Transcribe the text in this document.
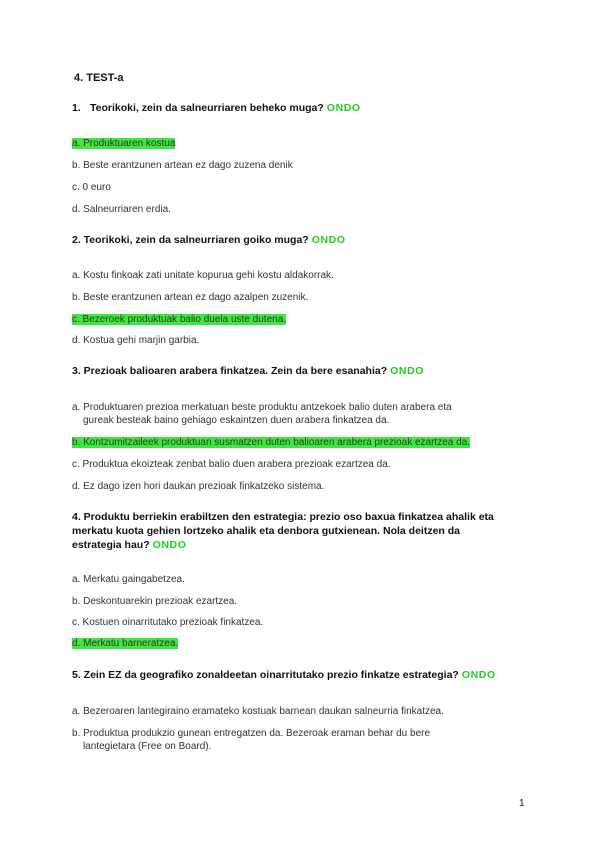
4. TEST-a
1. Teorikoki, zein da salneurriaren beheko muga? ONDO
a. Produktuaren kostua
b. Beste erantzunen artean ez dago zuzena denik
c. 0 euro
d. Salneurriaren erdia.
2. Teorikoki, zein da salneurriaren goiko muga? ONDO
a. Kostu finkoak zati unitate kopurua gehi kostu aldakorrak.
b. Beste erantzunen artean ez dago azalpen zuzenik.
c. Bezeroek produktuak balio duela uste dutena.
d. Kostua gehi marjin garbia.
3. Prezioak balioaren arabera finkatzea. Zein da bere esanahia? ONDO
a. Produktuaren prezioa merkatuan beste produktu antzekoek balio duten arabera eta
gureak besteak baino gehiago eskaintzen duen arabera finkatzea da.
b. Kontzumitzaileek produktuan susmatzen duten balioaren arabera prezioak ezartzea da.
c. Produktua ekoizteak zenbat balio duen arabera prezioak ezartzea da.
d. Ez dago izen hori daukan prezioak finkatzeko sistema.
4. Produktu berriekin erabiltzen den estrategia: prezio oso baxua finkatzea ahalik eta
merkatu kuota gehien lortzeko ahalik eta denbora gutxienean. Nola deitzen da
estrategia hau? ONDO
a. Merkatu gaingabetzea.
b. Deskontuarekin prezioak ezartzea.
c. Kostuen oinarritutako prezioak finkatzea.
d. Merkatu barneratzea.
5. Zein EZ da geografiko zonaldeetan oinarritutako prezio finkatze estrategia? ONDO
a. Bezeroaren lantegiraino eramateko kostuak barnean daukan salneurria finkatzea.
b. Produktua produkzio gunean entregatzen da. Bezeroak eraman behar du bere
lantegietara (Free on Board).
1
